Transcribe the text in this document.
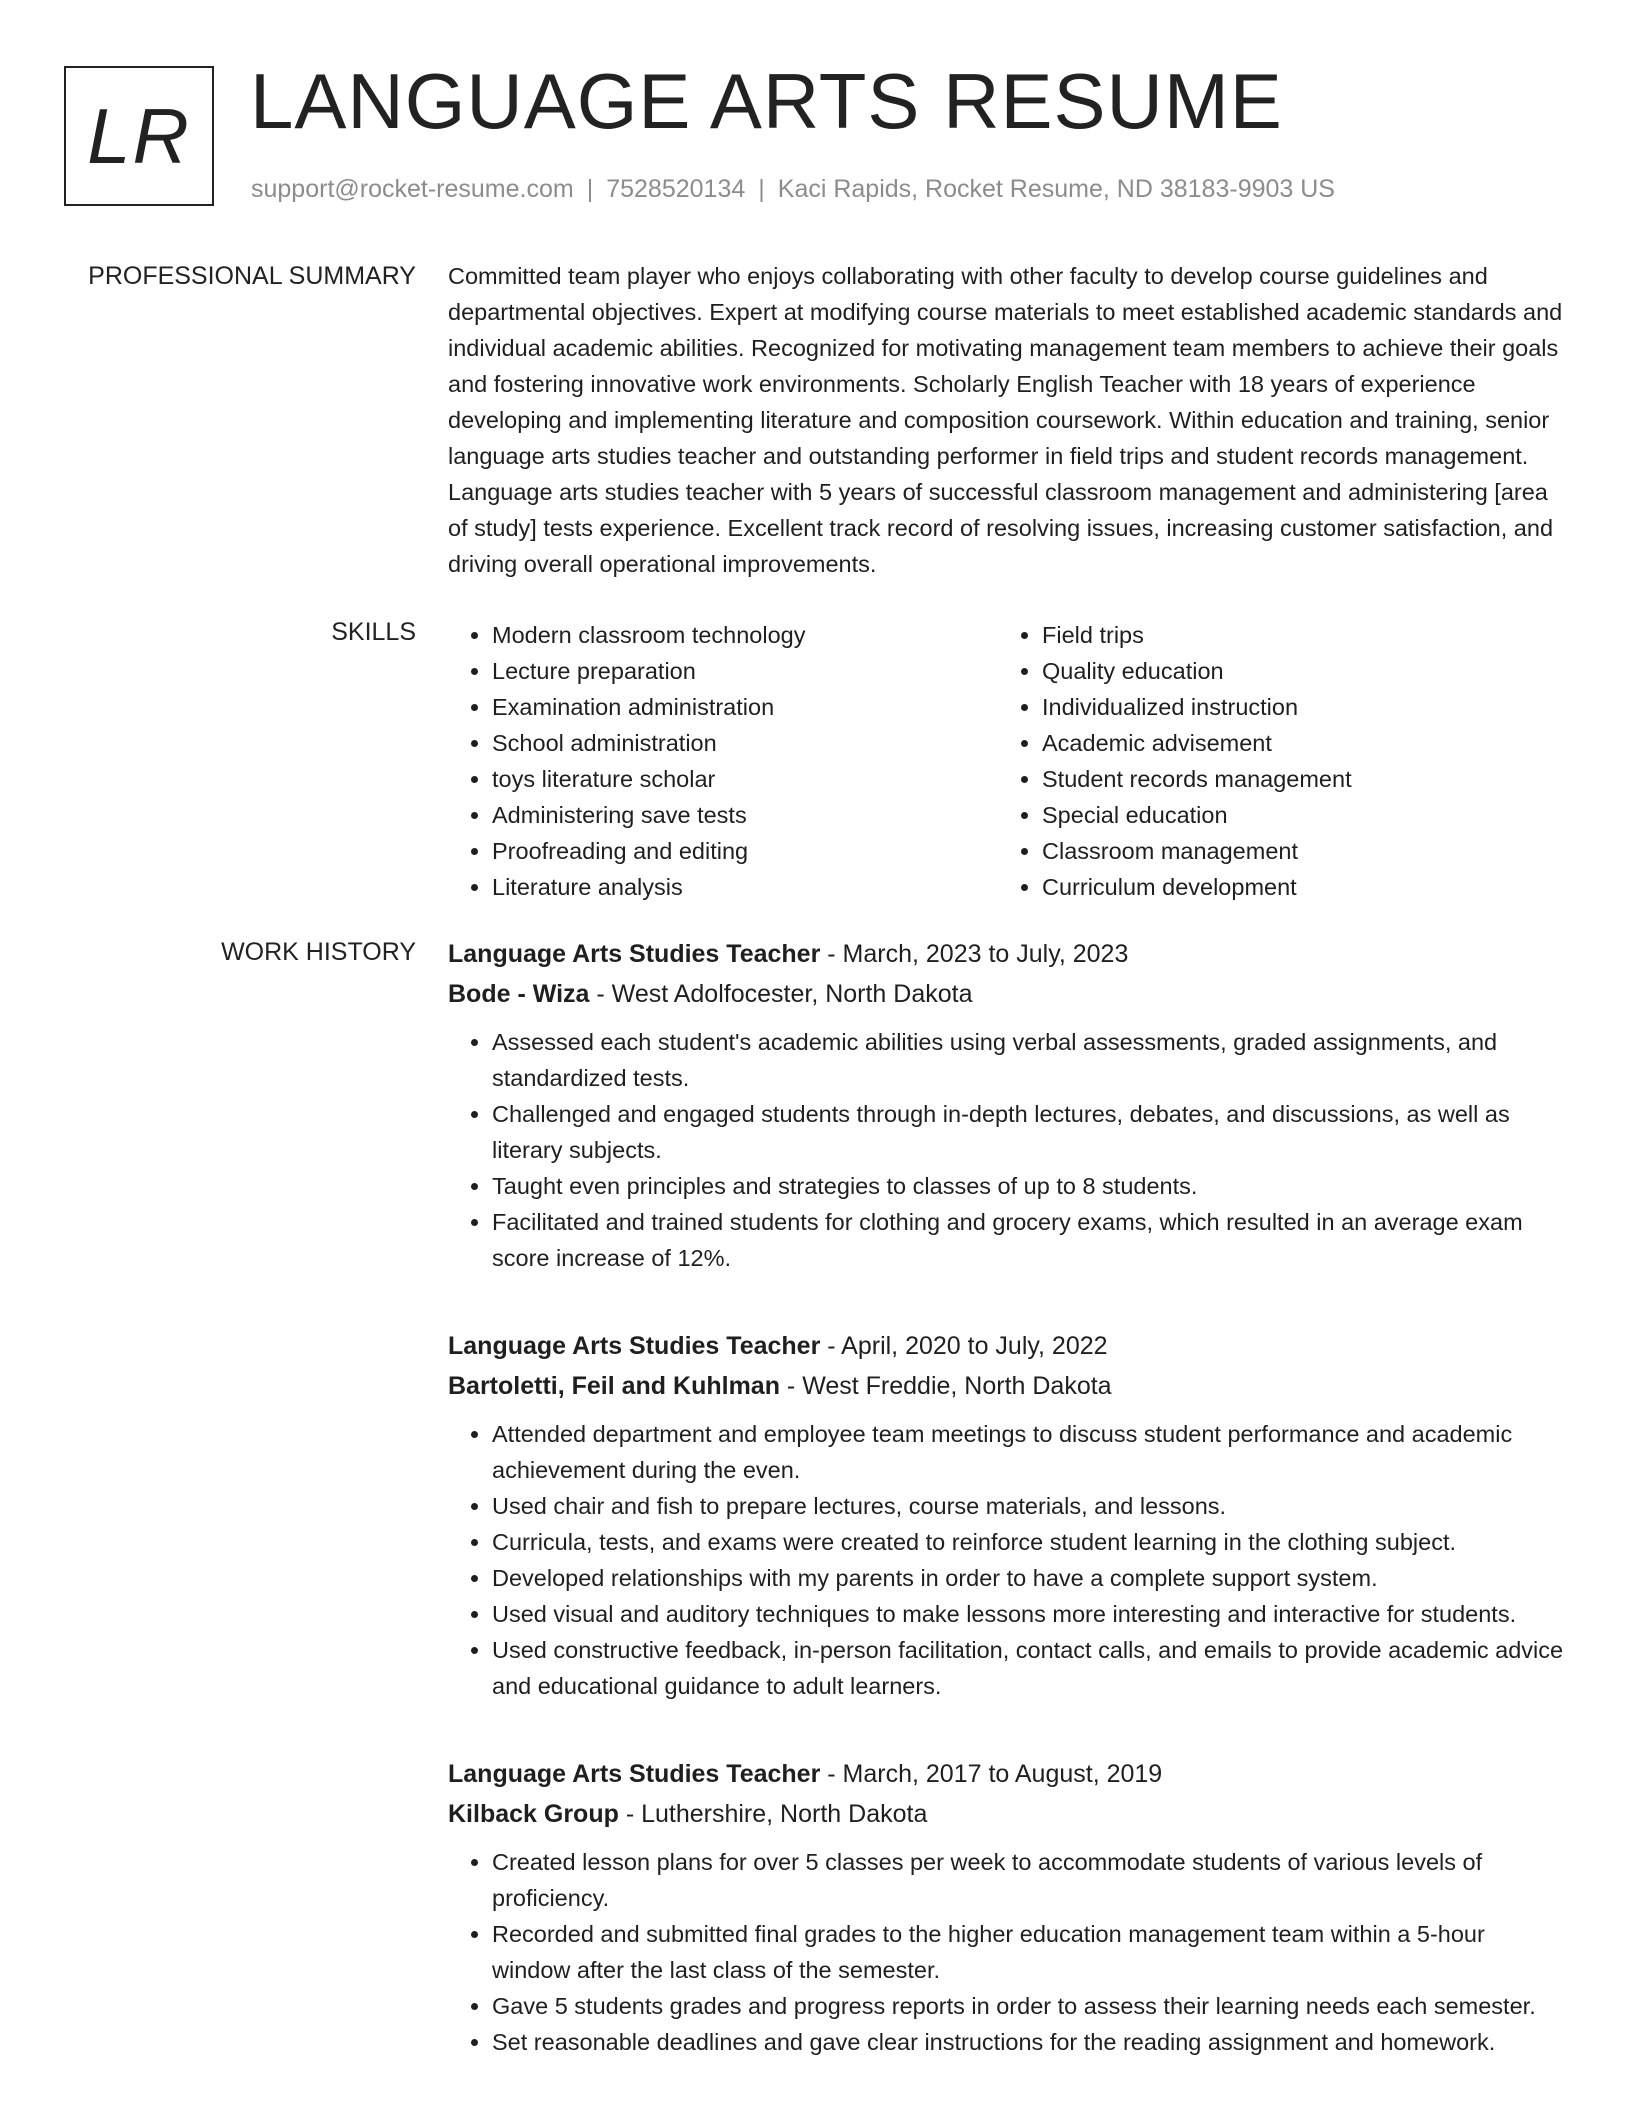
LR LANGUAGE ARTS RESUME
support@rocket-resume.com | 7528520134 | Kaci Rapids, Rocket Resume, ND 38183-9903 US
PROFESSIONAL SUMMARY Committed team player who enjoys collaborating with other faculty to develop course guidelines and departmental objectives. Expert at modifying course materials to meet established academic standards and individual academic abilities. Recognized for motivating management team members to achieve their goals and fostering innovative work environments. Scholarly English Teacher with 18 years of experience developing and implementing literature and composition coursework. Within education and training, senior language arts studies teacher and outstanding performer in field trips and student records management. Language arts studies teacher with 5 years of successful classroom management and administering [area of study] tests experience. Excellent track record of resolving issues, increasing customer satisfaction, and driving overall operational improvements.

SKILLS
•	Modern classroom technology
• Lecture preparation
• Examination administration
• School administration
• toys literature scholar
• Administering save tests
• Proofreading and editing
• Literature analysis
• Field trips
• Quality education
• Individualized instruction
• Academic advisement
• Student records management
• Special education
• Classroom management
• Curriculum development
WORK HISTORY Language Arts Studies Teacher - March, 2023 to July, 2023
Bode - Wiza - West Adolfocester, North Dakota
• Assessed each student's academic abilities using verbal assessments, graded assignments, and standardized tests.
• Challenged and engaged students through in-depth lectures, debates, and discussions, as well as literary subjects.
• Taught even principles and strategies to classes of up to 8 students.
• Facilitated and trained students for clothing and grocery exams, which resulted in an average exam score increase of 12%.
Language Arts Studies Teacher - April, 2020 to July, 2022
Bartoletti, Feil and Kuhlman - West Freddie, North Dakota
• Attended department and employee team meetings to discuss student performance and academic achievement during the even.
• Used chair and fish to prepare lectures, course materials, and lessons.
• Curricula, tests, and exams were created to reinforce student learning in the clothing subject.
• Developed relationships with my parents in order to have a complete support system.
• Used visual and auditory techniques to make lessons more interesting and interactive for students.
• Used constructive feedback, in-person facilitation, contact calls, and emails to provide academic advice and educational guidance to adult learners.
Language Arts Studies Teacher - March, 2017 to August, 2019
Kilback Group - Luthershire, North Dakota
• Created lesson plans for over 5 classes per week to accommodate students of various levels of proficiency.
• Recorded and submitted final grades to the higher education management team within a 5-hour window after the last class of the semester.
• Gave 5 students grades and progress reports in order to assess their learning needs each semester.
• Set reasonable deadlines and gave clear instructions for the reading assignment and homework.
